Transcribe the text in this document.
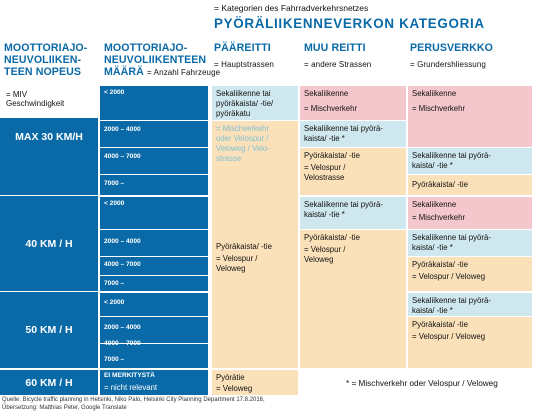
= Kategorien des Fahrradverkehrsnetzes
PYÖRÄLIIKENNEVERKON KATEGORIA
MOOTTORIAJO-
NEUVOLIIKEN-
TEEN NOPEUS
MOOTTORIAJO-
NEUVOLIIKENTEEN
MÄÄRÄ = Anzahl Fahrzeuge
PÄÄREITTI
= Hauptstrassen
MUU REITTI
= andere Strassen
PERUSVERKKO
= Grundershliessung
= MIV
Geschwindigkeit
MAX 30 KM/H
40 KM / H
50 KM / H
60 KM / H
< 2000
2000 – 4000
4000 – 7000
7000 –
< 2000
2000 – 4000
4000 – 7000
7000 –
< 2000
2000 – 4000
4000 – 7000
7000 –
EI MERKITYSTÄ
= nicht relevant
Sekaliikenne tai
pyöräkaista/ -tie/
pyöräkatu
= Mischverkehr
oder Velospur /
Veloweg / Velo-
strasse
Pyöräkaista/ -tie
= Velospur /
Veloweg
Sekaliikenne
= Mischverkehr
Sekaliikenne tai pyörä-
kaista/ -tie *
Pyöräkaista/ -tie
= Velospur /
Velostrasse
Sekaliikenne tai pyörä-
kaista/ -tie *
Pyöräkaista/ -tie
= Velospur /
Veloweg
Sekaliikenne
= Mischverkehr
Sekaliikenne tai pyörä-
kaista/ -tie *
Pyöräkaista/ -tie
Sekaliikenne
= Mischverkehr
Sekaliikenne tai pyörä-
kaista/ -tie *
Pyöräkaista/ -tie
= Velospur / Veloweg
Sekaliikenne tai pyörä-
kaista/ -tie *
Pyöräkaista/ -tie
= Velospur / Veloweg
Pyörätie
= Veloweg
* = Mischverkehr oder Velospur / Veloweg
Quelle: Bicycle traffic planning in Helsinki, Niko Palo, Helsinki City Planning Department 17.8.2016,
Übersetzung: Matthias Peter, Google Translate
